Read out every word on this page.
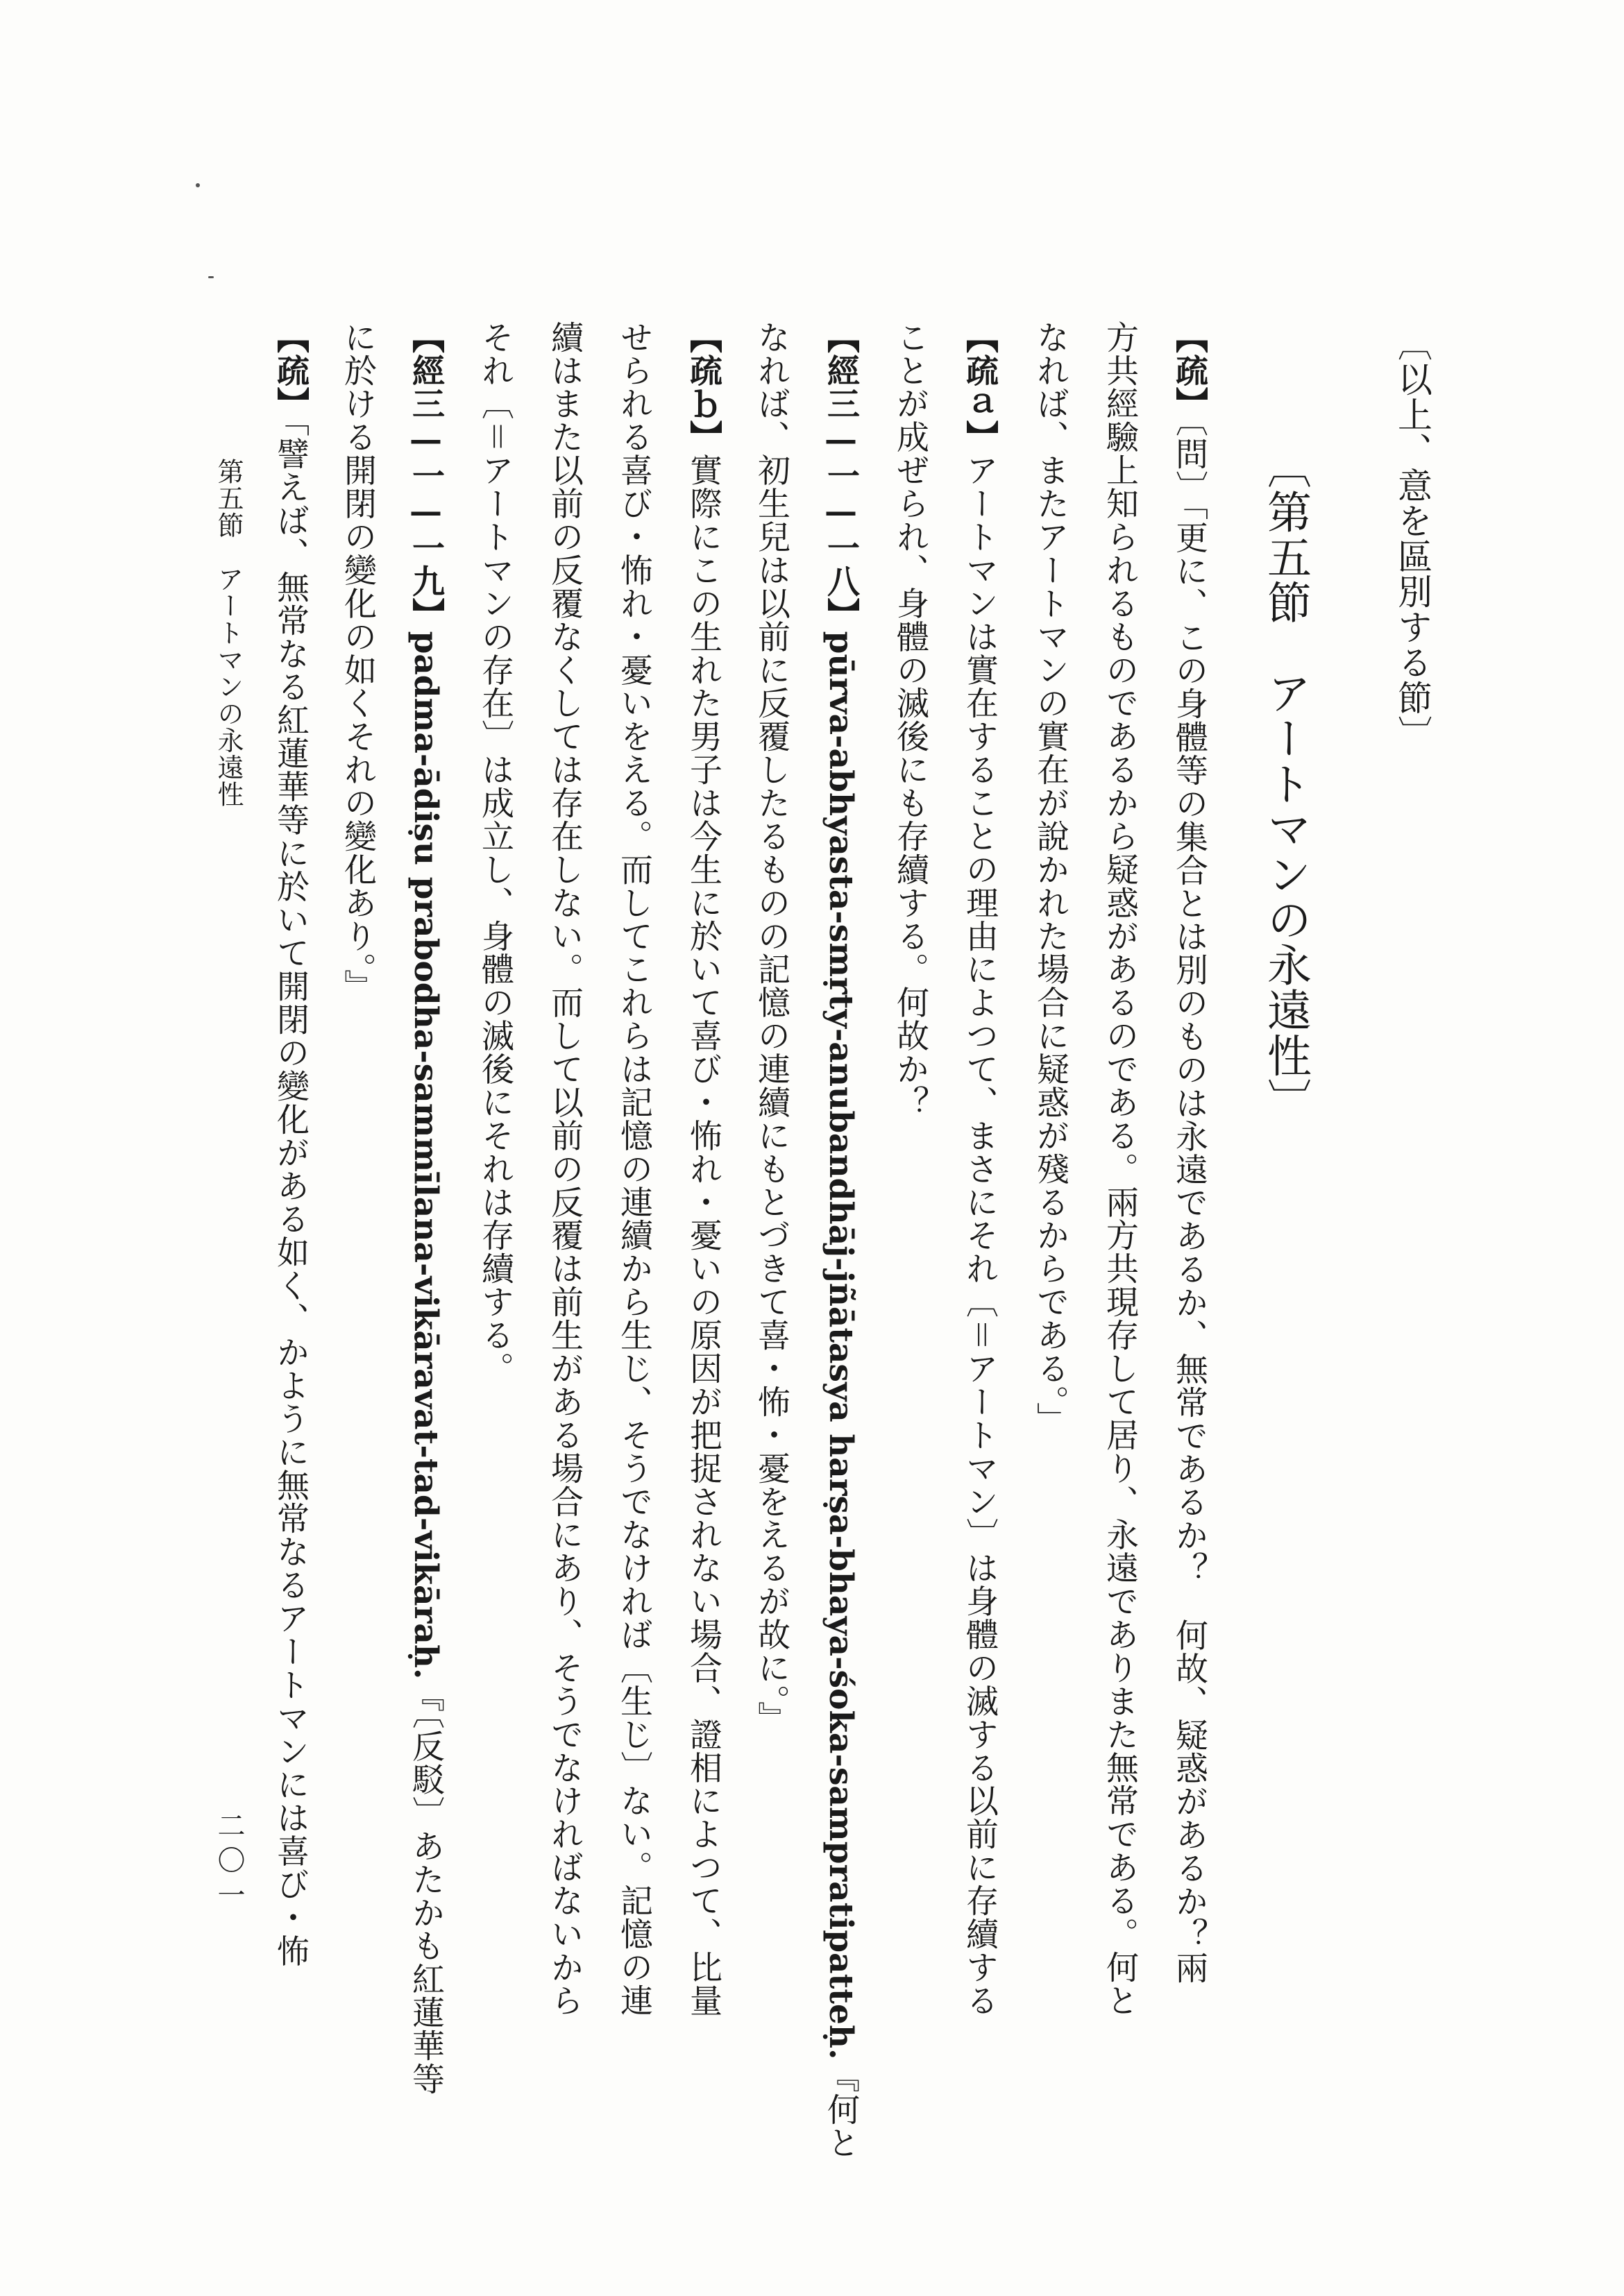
〔以上、意を區別する節〕
〔第五節　アートマンの永遠性〕
【疏】〔問〕「更に、この身體等の集合とは別のものは永遠であるか、無常であるか？　何故、疑惑があるか？兩
方共經驗上知られるものであるから疑惑があるのである。兩方共現存して居り、永遠でありまた無常である。何と
なれば、またアートマンの實在が說かれた場合に疑惑が殘るからである。」
【疏ａ】アートマンは實在することの理由によつて、まさにそれ〔＝アートマン〕は身體の滅する以前に存續する
ことが成ぜられ、身體の滅後にも存續する。何故か？
【經三—一—一八】pūrva-abhyasta-smṛty-anubandhāj-jñātasya harṣa-bhaya-śoka-sampratipatteḥ.『何と
なれば、初生兒は以前に反覆したるものの記憶の連續にもとづきて喜・怖・憂をえるが故に。』
【疏ｂ】實際にこの生れた男子は今生に於いて喜び・怖れ・憂いの原因が把捉されない場合、證相によつて、比量
せられる喜び・怖れ・憂いをえる。而してこれらは記憶の連續から生じ、そうでなければ〔生じ〕ない。記憶の連
續はまた以前の反覆なくしては存在しない。而して以前の反覆は前生がある場合にあり、そうでなければないから
それ〔＝アートマンの存在〕は成立し、身體の滅後にそれは存續する。
【經三—一—一九】padma-ādiṣu prabodha-sammīlana-vikāravat-tad-vikāraḥ.『〔反駁〕あたかも紅蓮華等
に於ける開閉の變化の如くそれの變化あり。』
【疏】「譬えば、無常なる紅蓮華等に於いて開閉の變化がある如く、かように無常なるアートマンには喜び・怖
第五節　アートマンの永遠性
二〇一
